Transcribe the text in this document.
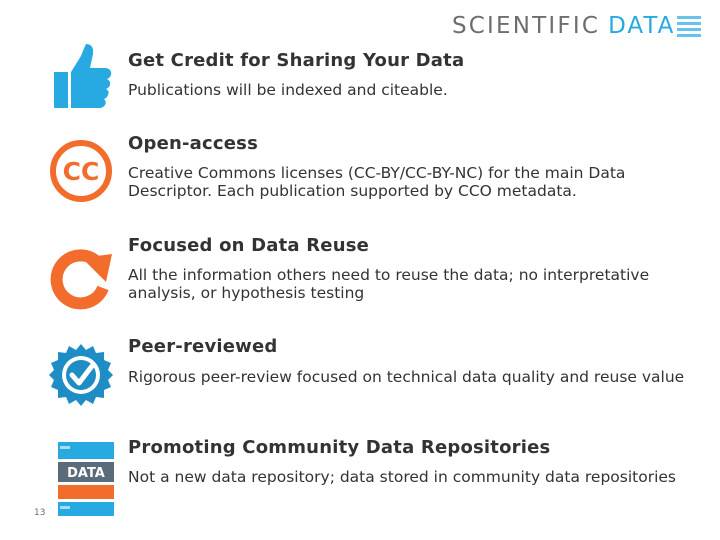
SCIENTIFIC DATA
Get Credit for Sharing Your Data
Publications will be indexed and citeable.
CC
Open-access
Creative Commons licenses (CC-BY/CC-BY-NC) for the main Data Descriptor. Each publication supported by CCO metadata.
Focused on Data Reuse
All the information others need to reuse the data; no interpretative analysis, or hypothesis testing
Peer-reviewed
Rigorous peer-review focused on technical data quality and reuse value
DATA
Promoting Community Data Repositories
Not a new data repository; data stored in community data repositories
13
